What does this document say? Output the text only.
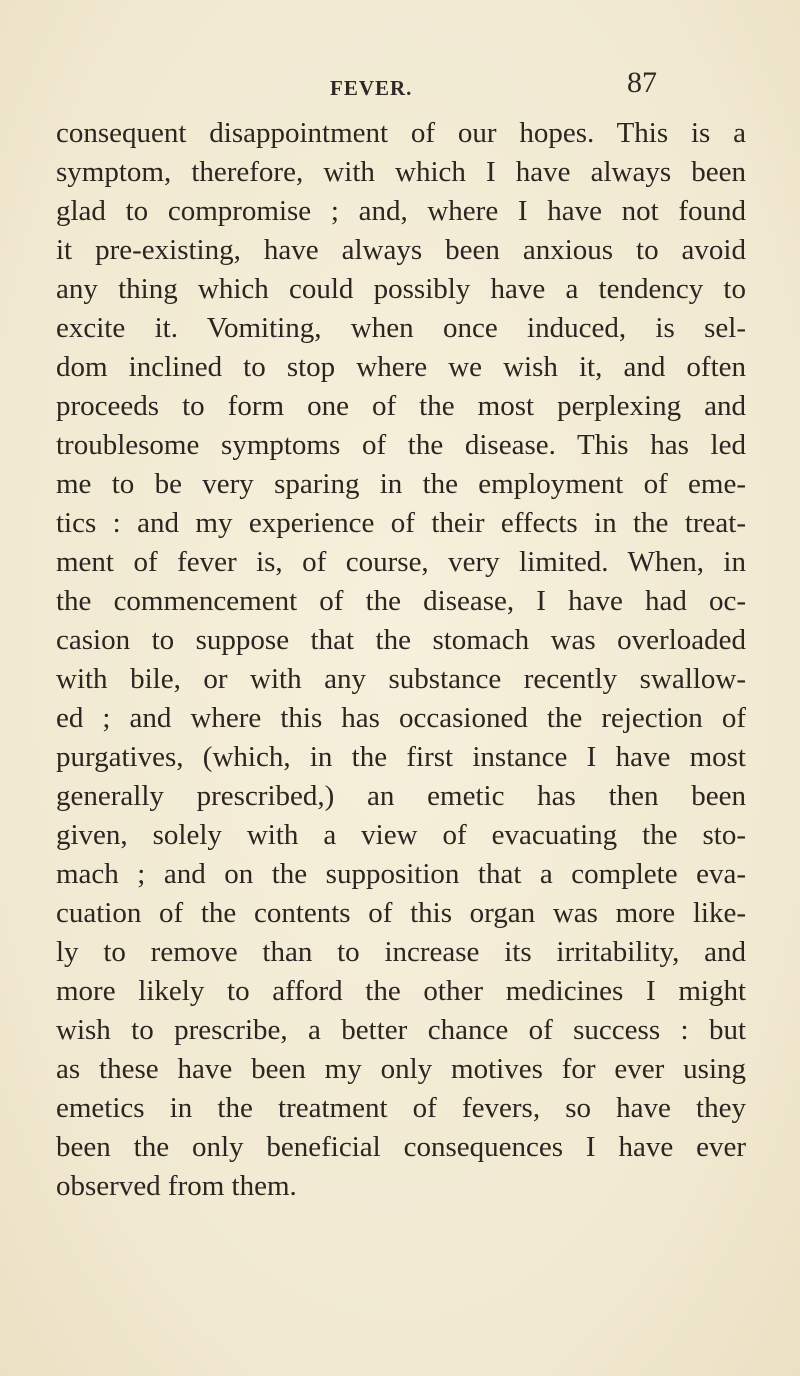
FEVER.	87
consequent disappointment of our hopes. This is a
symptom, therefore, with which I have always been
glad to compromise ; and, where I have not found
it pre-existing, have always been anxious to avoid
any thing which could possibly have a tendency to
excite it. Vomiting, when once induced, is sel-
dom inclined to stop where we wish it, and often
proceeds to form one of the most perplexing and
troublesome symptoms of the disease. This has led
me to be very sparing in the employment of eme-
tics : and my experience of their effects in the treat-
ment of fever is, of course, very limited. When, in
the commencement of the disease, I have had oc-
casion to suppose that the stomach was overloaded
with bile, or with any substance recently swallow-
ed ; and where this has occasioned the rejection of
purgatives, (which, in the first instance I have most
generally prescribed,) an emetic has then been
given, solely with a view of evacuating the sto-
mach ; and on the supposition that a complete eva-
cuation of the contents of this organ was more like-
ly to remove than to increase its irritability, and
more likely to afford the other medicines I might
wish to prescribe, a better chance of success : but
as these have been my only motives for ever using
emetics in the treatment of fevers, so have they
been the only beneficial consequences I have ever
observed from them.
